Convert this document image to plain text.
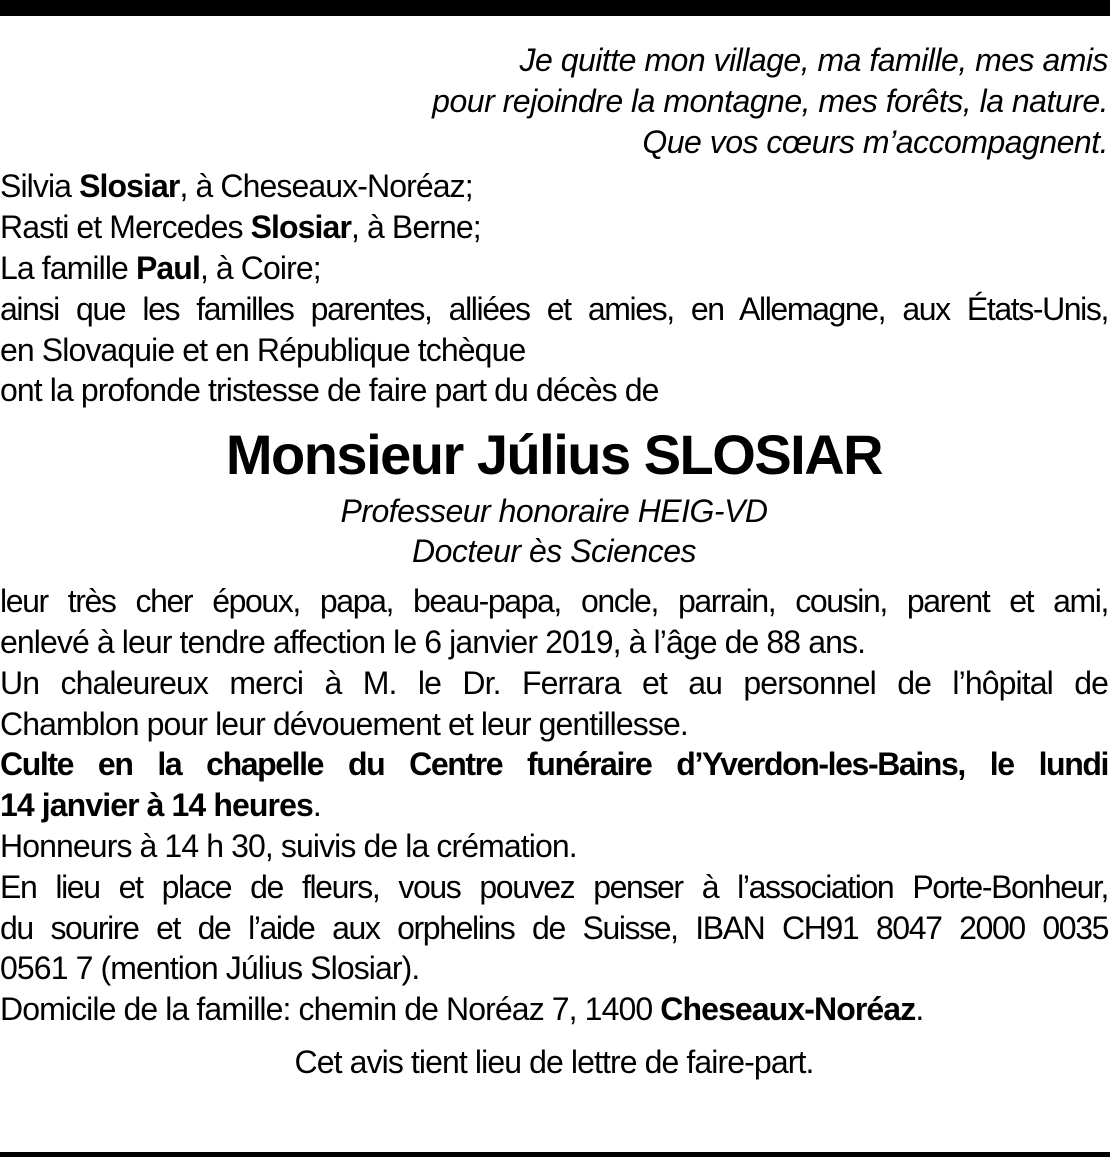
Je quitte mon village, ma famille, mes amis
pour rejoindre la montagne, mes forêts, la nature.
Que vos cœurs m’accompagnent.
Silvia Slosiar, à Cheseaux-Noréaz;
Rasti et Mercedes Slosiar, à Berne;
La famille Paul, à Coire;
ainsi que les familles parentes, alliées et amies, en Allemagne, aux États-Unis,
en Slovaquie et en République tchèque
ont la profonde tristesse de faire part du décès de
Monsieur Július SLOSIAR
Professeur honoraire HEIG-VD
Docteur ès Sciences
leur très cher époux, papa, beau-papa, oncle, parrain, cousin, parent et ami,
enlevé à leur tendre affection le 6 janvier 2019, à l’âge de 88 ans.
Un chaleureux merci à M. le Dr. Ferrara et au personnel de l’hôpital de
Chamblon pour leur dévouement et leur gentillesse.
Culte en la chapelle du Centre funéraire d’Yverdon-les-Bains, le lundi
14 janvier à 14 heures.
Honneurs à 14 h 30, suivis de la crémation.
En lieu et place de fleurs, vous pouvez penser à l’association Porte-Bonheur,
du sourire et de l’aide aux orphelins de Suisse, IBAN CH91 8047 2000 0035
0561 7 (mention Július Slosiar).
Domicile de la famille: chemin de Noréaz 7, 1400 Cheseaux-Noréaz.
Cet avis tient lieu de lettre de faire-part.
